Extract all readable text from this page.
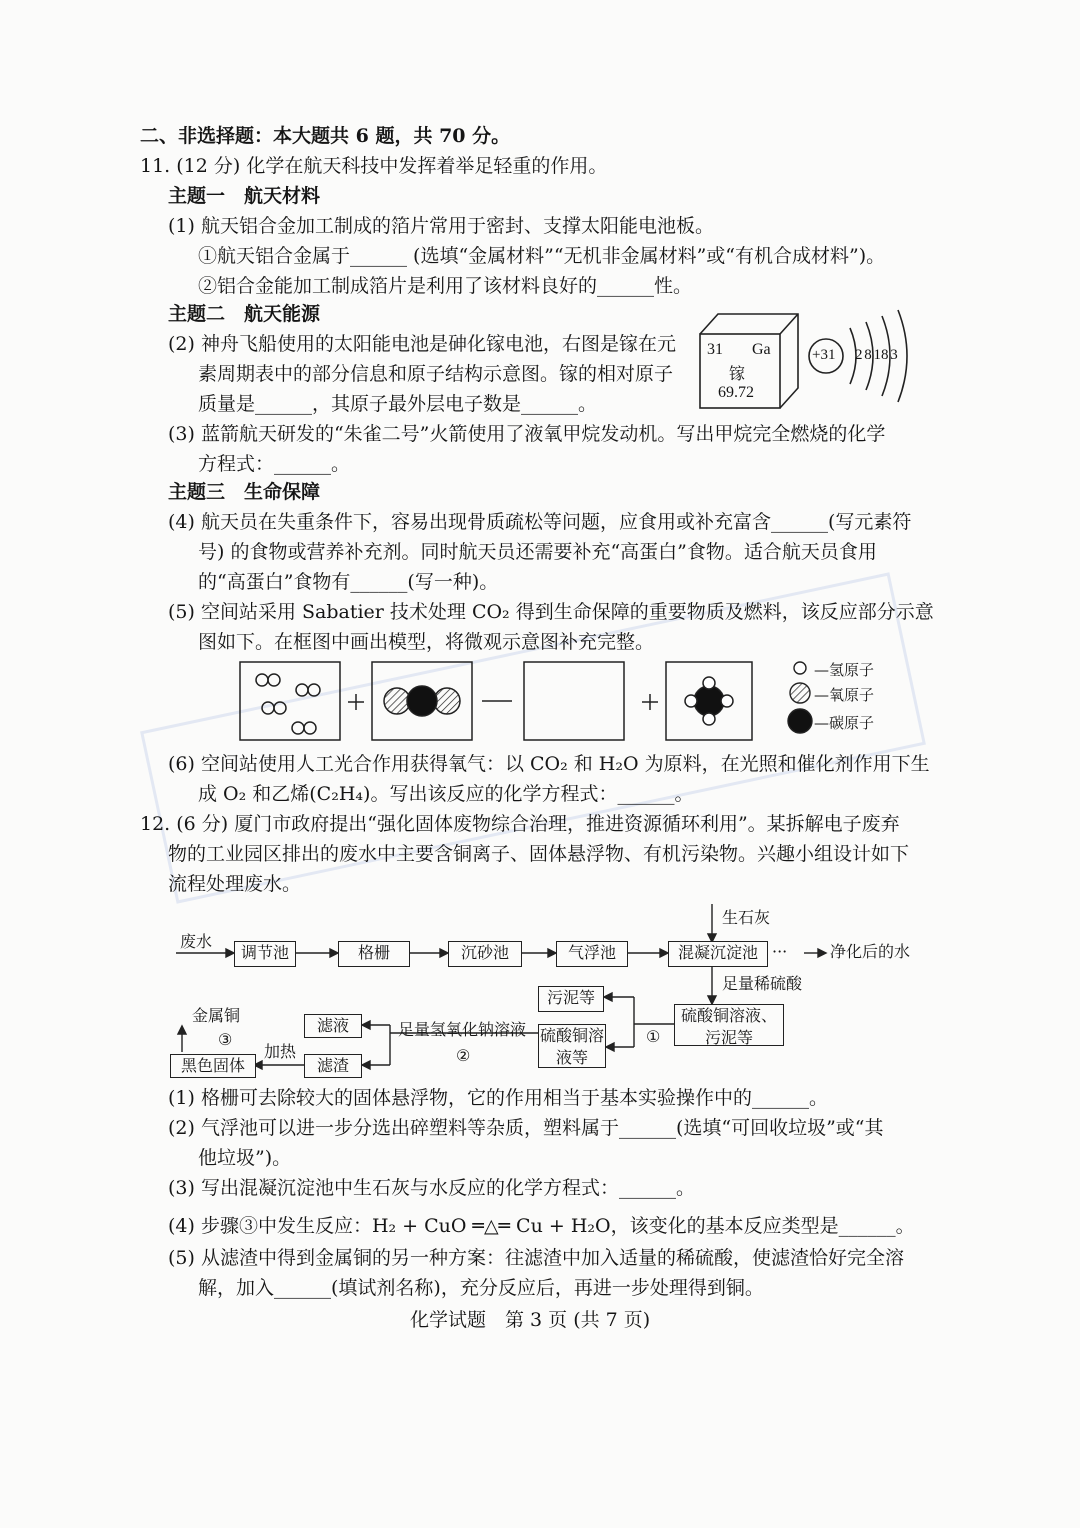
二、非选择题：本大题共 6 题，共 70 分。
11. (12 分) 化学在航天科技中发挥着举足轻重的作用。
主题一　航天材料
(1) 航天铝合金加工制成的箔片常用于密封、支撑太阳能电池板。
①航天铝合金属于______ (选填“金属材料”“无机非金属材料”或“有机合成材料”)。
②铝合金能加工制成箔片是利用了该材料良好的______性。
主题二　航天能源
(2) 神舟飞船使用的太阳能电池是砷化镓电池，右图是镓在元
素周期表中的部分信息和原子结构示意图。镓的相对原子
质量是______，其原子最外层电子数是______。
(3) 蓝箭航天研发的“朱雀二号”火箭使用了液氧甲烷发动机。写出甲烷完全燃烧的化学
方程式：______。
主题三　生命保障
(4) 航天员在失重条件下，容易出现骨质疏松等问题，应食用或补充富含______(写元素符
号) 的食物或营养补充剂。同时航天员还需要补充“高蛋白”食物。适合航天员食用
的“高蛋白”食物有______(写一种)。
(5) 空间站采用 Sabatier 技术处理 CO₂ 得到生命保障的重要物质及燃料，该反应部分示意
图如下。在框图中画出模型，将微观示意图补充完整。
(6) 空间站使用人工光合作用获得氧气：以 CO₂ 和 H₂O 为原料，在光照和催化剂作用下生
成 O₂ 和乙烯(C₂H₄)。写出该反应的化学方程式：______。
12. (6 分) 厦门市政府提出“强化固体废物综合治理，推进资源循环利用”。某拆解电子废弃
物的工业园区排出的废水中主要含铜离子、固体悬浮物、有机污染物。兴趣小组设计如下
流程处理废水。
(1) 格栅可去除较大的固体悬浮物，它的作用相当于基本实验操作中的______。
(2) 气浮池可以进一步分选出碎塑料等杂质，塑料属于______(选填“可回收垃圾”或“其
他垃圾”)。
(3) 写出混凝沉淀池中生石灰与水反应的化学方程式：______。
(4) 步骤③中发生反应：H₂ + CuO ═△═ Cu + H₂O，该变化的基本反应类型是______。
(5) 从滤渣中得到金属铜的另一种方案：往滤渣中加入适量的稀硫酸，使滤渣恰好完全溶
解，加入______(填试剂名称)，充分反应后，再进一步处理得到铜。
化学试题　第 3 页 (共 7 页)
31 Ga
镓
69.72
+31 2 8 18 3
—氢原子
—氧原子
—碳原子
废水
调节池	格栅	沉砂池	气浮池	混凝沉淀池 ···	净化后的水
生石灰
足量稀硫酸
硫酸铜溶液、污泥等
污泥等
①
硫酸铜溶液等
足量氢氧化钠溶液
②
滤液
滤渣
加热
黑色固体
③
金属铜
